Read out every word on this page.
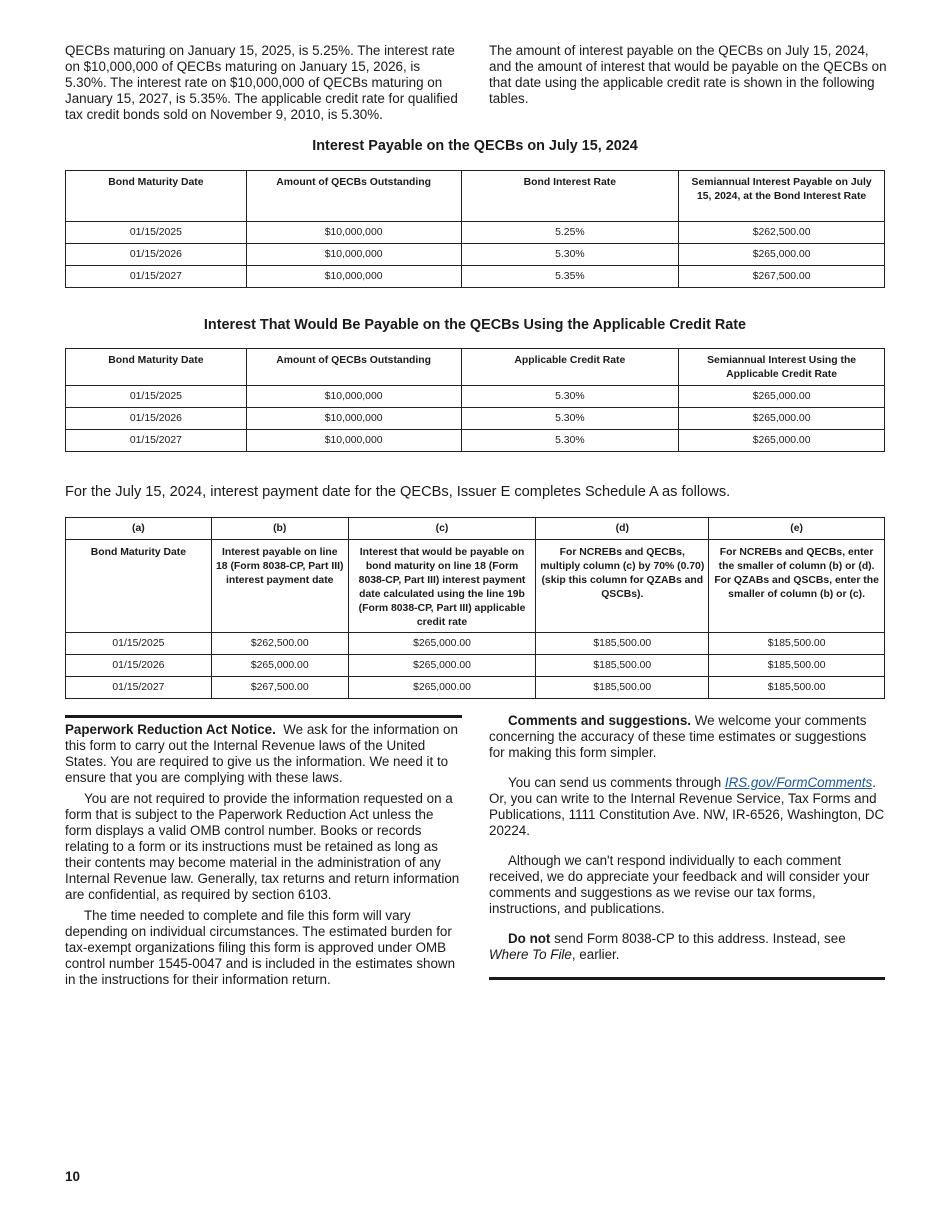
QECBs maturing on January 15, 2025, is 5.25%. The interest rate on $10,000,000 of QECBs maturing on January 15, 2026, is 5.30%. The interest rate on $10,000,000 of QECBs maturing on January 15, 2027, is 5.35%. The applicable credit rate for qualified tax credit bonds sold on November 9, 2010, is 5.30%.

The amount of interest payable on the QECBs on July 15, 2024, and the amount of interest that would be payable on the QECBs on that date using the applicable credit rate is shown in the following tables.

Interest Payable on the QECBs on July 15, 2024
Bond Maturity Date	Amount of QECBs Outstanding	Bond Interest Rate	Semiannual Interest Payable on July 15, 2024, at the Bond Interest Rate
01/15/2025	$10,000,000	5.25%	$262,500.00
01/15/2026	$10,000,000	5.30%	$265,000.00
01/15/2027	$10,000,000	5.35%	$267,500.00
Interest That Would Be Payable on the QECBs Using the Applicable Credit Rate
Bond Maturity Date	Amount of QECBs Outstanding	Applicable Credit Rate	Semiannual Interest Using the Applicable Credit Rate
01/15/2025	$10,000,000	5.30%	$265,000.00
01/15/2026	$10,000,000	5.30%	$265,000.00
01/15/2027	$10,000,000	5.30%	$265,000.00
For the July 15, 2024, interest payment date for the QECBs, Issuer E completes Schedule A as follows.
(a)	(b)	(c)	(d)	(e)
Bond Maturity Date	Interest payable on line 18 (Form 8038-CP, Part III) interest payment date	Interest that would be payable on bond maturity on line 18 (Form 8038-CP, Part III) interest payment date calculated using the line 19b (Form 8038-CP, Part III) applicable credit rate	For NCREBs and QECBs, multiply column (c) by 70% (0.70) (skip this column for QZABs and QSCBs).	For NCREBs and QECBs, enter the smaller of column (b) or (d). For QZABs and QSCBs, enter the smaller of column (b) or (c).
01/15/2025	$262,500.00	$265,000.00	$185,500.00	$185,500.00
01/15/2026	$265,000.00	$265,000.00	$185,500.00	$185,500.00
01/15/2027	$267,500.00	$265,000.00	$185,500.00	$185,500.00

Paperwork Reduction Act Notice. We ask for the information on this form to carry out the Internal Revenue laws of the United States. You are required to give us the information. We need it to ensure that you are complying with these laws.

You are not required to provide the information requested on a form that is subject to the Paperwork Reduction Act unless the form displays a valid OMB control number. Books or records relating to a form or its instructions must be retained as long as their contents may become material in the administration of any Internal Revenue law. Generally, tax returns and return information are confidential, as required by section 6103.

The time needed to complete and file this form will vary depending on individual circumstances. The estimated burden for tax-exempt organizations filing this form is approved under OMB control number 1545-0047 and is included in the estimates shown in the instructions for their information return.

Comments and suggestions. We welcome your comments concerning the accuracy of these time estimates or suggestions for making this form simpler.

You can send us comments through IRS.gov/FormComments. Or, you can write to the Internal Revenue Service, Tax Forms and Publications, 1111 Constitution Ave. NW, IR-6526, Washington, DC 20224.

Although we can't respond individually to each comment received, we do appreciate your feedback and will consider your comments and suggestions as we revise our tax forms, instructions, and publications.

Do not send Form 8038-CP to this address. Instead, see Where To File, earlier.

10
